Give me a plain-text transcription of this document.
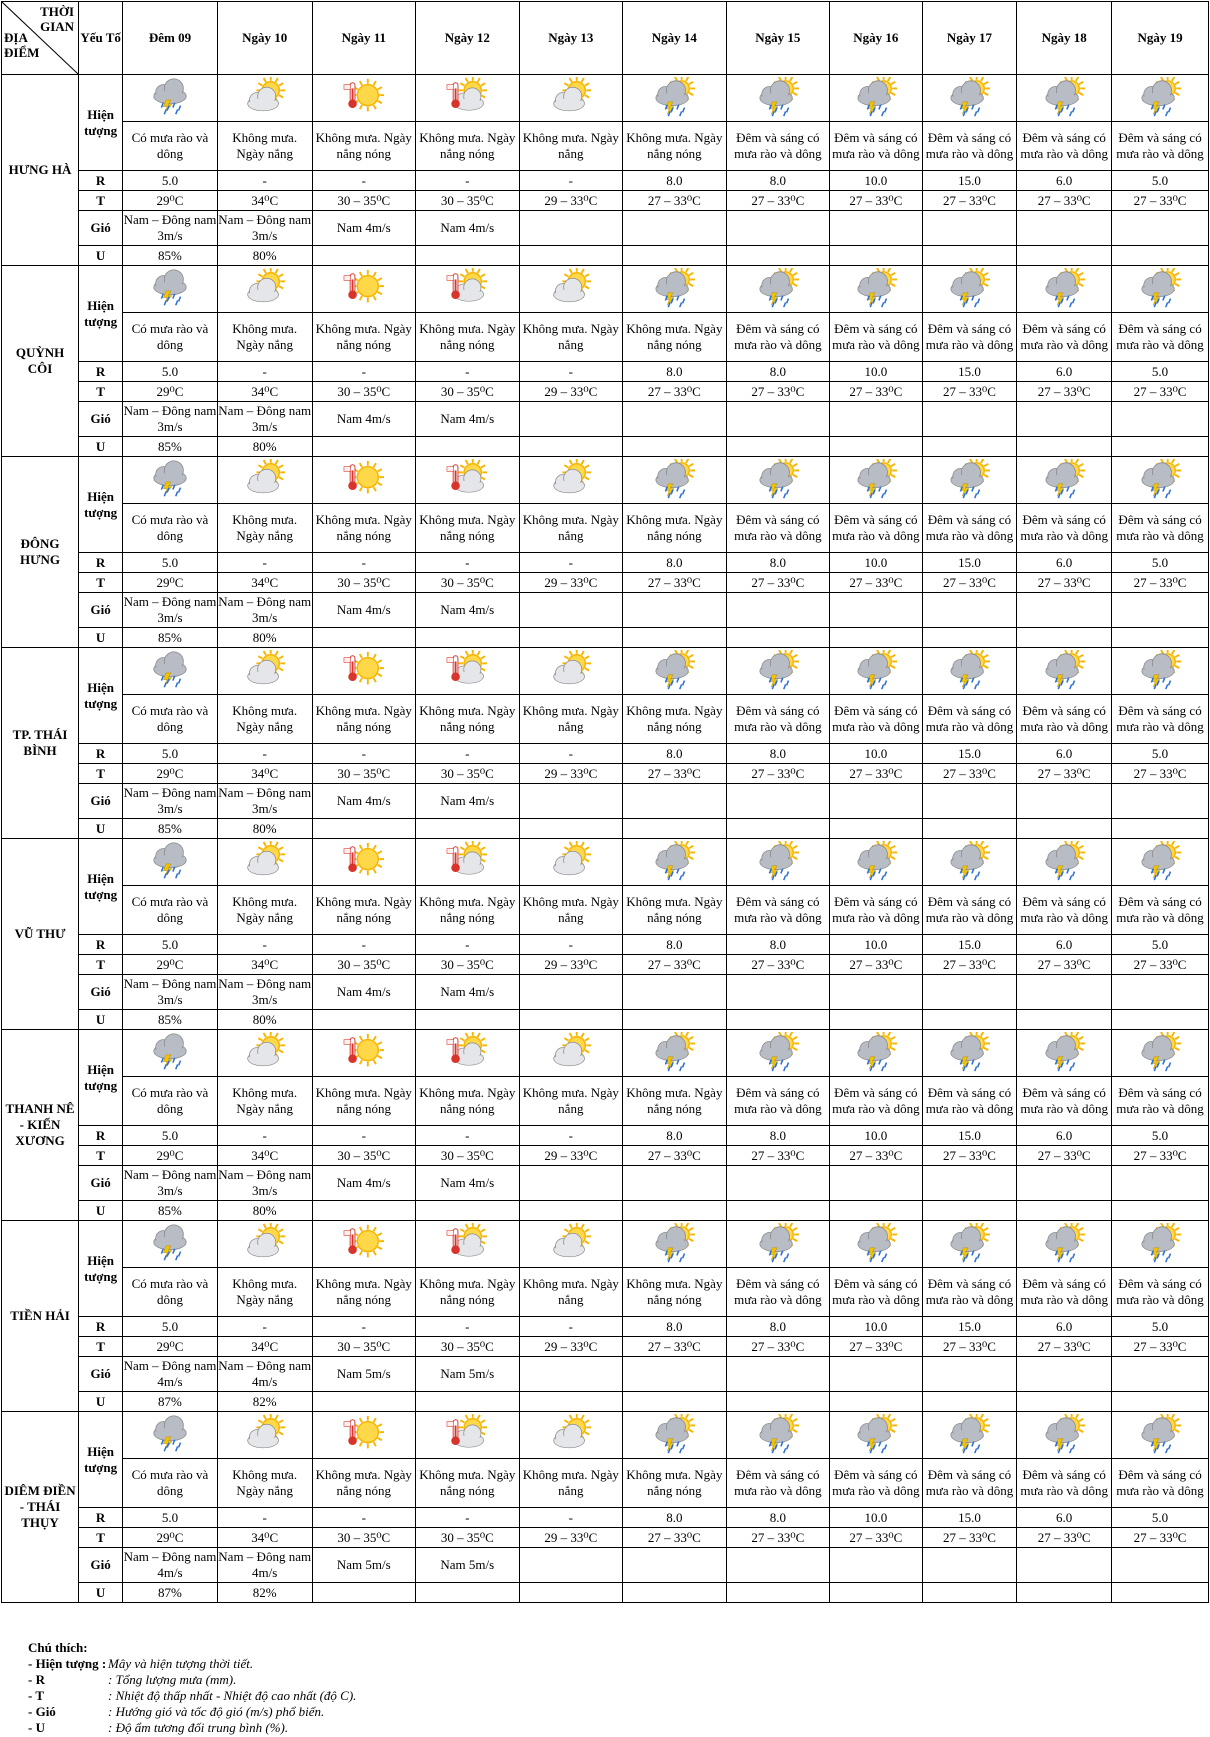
THỜI
GIAN
ĐỊA
ĐIỂM	Yếu Tố	Đêm 09	Ngày 10	Ngày 11	Ngày 12	Ngày 13	Ngày 14	Ngày 15	Ngày 16	Ngày 17	Ngày 18	Ngày 19
HƯNG HÀ	Hiện tượng	

		Có mưa rào và dông	Không mưa. Ngày nắng	Không mưa. Ngày nắng nóng	Không mưa. Ngày nắng nóng	Không mưa. Ngày nắng	Không mưa. Ngày nắng nóng	Đêm và sáng có mưa rào và dông	Đêm và sáng có mưa rào và dông	Đêm và sáng có mưa rào và dông	Đêm và sáng có mưa rào và dông	Đêm và sáng có mưa rào và dông
	R	5.0	-	-	-	-	8.0	8.0	10.0	15.0	6.0	5.0
	T	29⁰C	34⁰C	30 – 35⁰C	30 – 35⁰C	29 – 33⁰C	27 – 33⁰C	27 – 33⁰C	27 – 33⁰C	27 – 33⁰C	27 – 33⁰C	27 – 33⁰C
	Gió	Nam – Đông nam 3m/s	Nam – Đông nam 3m/s	Nam 4m/s	Nam 4m/s							
	U	85%	80%									
QUỲNH CÔI	Hiện tượng	

		Có mưa rào và dông	Không mưa. Ngày nắng	Không mưa. Ngày nắng nóng	Không mưa. Ngày nắng nóng	Không mưa. Ngày nắng	Không mưa. Ngày nắng nóng	Đêm và sáng có mưa rào và dông	Đêm và sáng có mưa rào và dông	Đêm và sáng có mưa rào và dông	Đêm và sáng có mưa rào và dông	Đêm và sáng có mưa rào và dông
	R	5.0	-	-	-	-	8.0	8.0	10.0	15.0	6.0	5.0
	T	29⁰C	34⁰C	30 – 35⁰C	30 – 35⁰C	29 – 33⁰C	27 – 33⁰C	27 – 33⁰C	27 – 33⁰C	27 – 33⁰C	27 – 33⁰C	27 – 33⁰C
	Gió	Nam – Đông nam 3m/s	Nam – Đông nam 3m/s	Nam 4m/s	Nam 4m/s							
	U	85%	80%									
ĐÔNG HƯNG	Hiện tượng	

		Có mưa rào và dông	Không mưa. Ngày nắng	Không mưa. Ngày nắng nóng	Không mưa. Ngày nắng nóng	Không mưa. Ngày nắng	Không mưa. Ngày nắng nóng	Đêm và sáng có mưa rào và dông	Đêm và sáng có mưa rào và dông	Đêm và sáng có mưa rào và dông	Đêm và sáng có mưa rào và dông	Đêm và sáng có mưa rào và dông
	R	5.0	-	-	-	-	8.0	8.0	10.0	15.0	6.0	5.0
	T	29⁰C	34⁰C	30 – 35⁰C	30 – 35⁰C	29 – 33⁰C	27 – 33⁰C	27 – 33⁰C	27 – 33⁰C	27 – 33⁰C	27 – 33⁰C	27 – 33⁰C
	Gió	Nam – Đông nam 3m/s	Nam – Đông nam 3m/s	Nam 4m/s	Nam 4m/s							
	U	85%	80%									
TP. THÁI BÌNH	Hiện tượng	

		Có mưa rào và dông	Không mưa. Ngày nắng	Không mưa. Ngày nắng nóng	Không mưa. Ngày nắng nóng	Không mưa. Ngày nắng	Không mưa. Ngày nắng nóng	Đêm và sáng có mưa rào và dông	Đêm và sáng có mưa rào và dông	Đêm và sáng có mưa rào và dông	Đêm và sáng có mưa rào và dông	Đêm và sáng có mưa rào và dông
	R	5.0	-	-	-	-	8.0	8.0	10.0	15.0	6.0	5.0
	T	29⁰C	34⁰C	30 – 35⁰C	30 – 35⁰C	29 – 33⁰C	27 – 33⁰C	27 – 33⁰C	27 – 33⁰C	27 – 33⁰C	27 – 33⁰C	27 – 33⁰C
	Gió	Nam – Đông nam 3m/s	Nam – Đông nam 3m/s	Nam 4m/s	Nam 4m/s							
	U	85%	80%									
VŨ THƯ	Hiện tượng	

		Có mưa rào và dông	Không mưa. Ngày nắng	Không mưa. Ngày nắng nóng	Không mưa. Ngày nắng nóng	Không mưa. Ngày nắng	Không mưa. Ngày nắng nóng	Đêm và sáng có mưa rào và dông	Đêm và sáng có mưa rào và dông	Đêm và sáng có mưa rào và dông	Đêm và sáng có mưa rào và dông	Đêm và sáng có mưa rào và dông
	R	5.0	-	-	-	-	8.0	8.0	10.0	15.0	6.0	5.0
	T	29⁰C	34⁰C	30 – 35⁰C	30 – 35⁰C	29 – 33⁰C	27 – 33⁰C	27 – 33⁰C	27 – 33⁰C	27 – 33⁰C	27 – 33⁰C	27 – 33⁰C
	Gió	Nam – Đông nam 3m/s	Nam – Đông nam 3m/s	Nam 4m/s	Nam 4m/s							
	U	85%	80%									
THANH NÊ - KIẾN XƯƠNG	Hiện tượng	

		Có mưa rào và dông	Không mưa. Ngày nắng	Không mưa. Ngày nắng nóng	Không mưa. Ngày nắng nóng	Không mưa. Ngày nắng	Không mưa. Ngày nắng nóng	Đêm và sáng có mưa rào và dông	Đêm và sáng có mưa rào và dông	Đêm và sáng có mưa rào và dông	Đêm và sáng có mưa rào và dông	Đêm và sáng có mưa rào và dông
	R	5.0	-	-	-	-	8.0	8.0	10.0	15.0	6.0	5.0
	T	29⁰C	34⁰C	30 – 35⁰C	30 – 35⁰C	29 – 33⁰C	27 – 33⁰C	27 – 33⁰C	27 – 33⁰C	27 – 33⁰C	27 – 33⁰C	27 – 33⁰C
	Gió	Nam – Đông nam 3m/s	Nam – Đông nam 3m/s	Nam 4m/s	Nam 4m/s							
	U	85%	80%									
TIỀN HẢI	Hiện tượng	

		Có mưa rào và dông	Không mưa. Ngày nắng	Không mưa. Ngày nắng nóng	Không mưa. Ngày nắng nóng	Không mưa. Ngày nắng	Không mưa. Ngày nắng nóng	Đêm và sáng có mưa rào và dông	Đêm và sáng có mưa rào và dông	Đêm và sáng có mưa rào và dông	Đêm và sáng có mưa rào và dông	Đêm và sáng có mưa rào và dông
	R	5.0	-	-	-	-	8.0	8.0	10.0	15.0	6.0	5.0
	T	29⁰C	34⁰C	30 – 35⁰C	30 – 35⁰C	29 – 33⁰C	27 – 33⁰C	27 – 33⁰C	27 – 33⁰C	27 – 33⁰C	27 – 33⁰C	27 – 33⁰C
	Gió	Nam – Đông nam 4m/s	Nam – Đông nam 4m/s	Nam 5m/s	Nam 5m/s							
	U	87%	82%									
DIÊM ĐIỀN - THÁI THỤY	Hiện tượng	

		Có mưa rào và dông	Không mưa. Ngày nắng	Không mưa. Ngày nắng nóng	Không mưa. Ngày nắng nóng	Không mưa. Ngày nắng	Không mưa. Ngày nắng nóng	Đêm và sáng có mưa rào và dông	Đêm và sáng có mưa rào và dông	Đêm và sáng có mưa rào và dông	Đêm và sáng có mưa rào và dông	Đêm và sáng có mưa rào và dông
	R	5.0	-	-	-	-	8.0	8.0	10.0	15.0	6.0	5.0
	T	29⁰C	34⁰C	30 – 35⁰C	30 – 35⁰C	29 – 33⁰C	27 – 33⁰C	27 – 33⁰C	27 – 33⁰C	27 – 33⁰C	27 – 33⁰C	27 – 33⁰C
	Gió	Nam – Đông nam 4m/s	Nam – Đông nam 4m/s	Nam 5m/s	Nam 5m/s							
	U	87%	82%									
Chú thích:
- Hiện tượng : Mây và hiện tượng thời tiết.
- R	: Tổng lượng mưa (mm).
- T	: Nhiệt độ thấp nhất - Nhiệt độ cao nhất (độ C).
- Gió	: Hướng gió và tốc độ gió (m/s) phổ biến.
- U	: Độ ẩm tương đối trung bình (%).
